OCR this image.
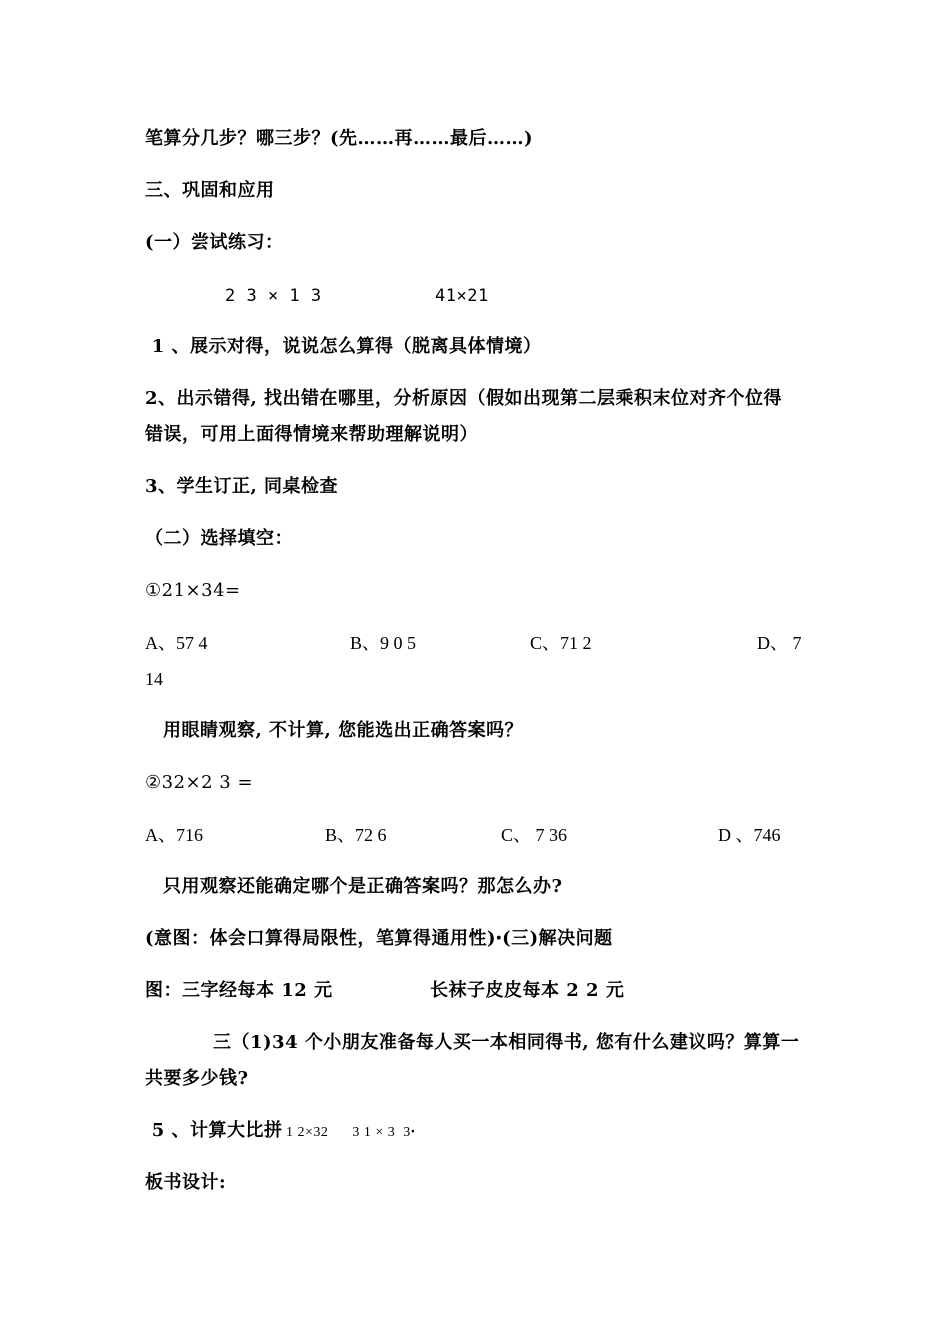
笔算分几步？哪三步？(先……再……最后……)
三、巩固和应用
(一）尝试练习：
2 3 × 1 3	41×21
1 、展示对得，说说怎么算得（脱离具体情境）
2、出示错得, 找出错在哪里，分析原因（假如出现第二层乘积末位对齐个位得
错误，可用上面得情境来帮助理解说明）
3、学生订正, 同桌检查
（二）选择填空：
①21×34=
A、57 4	B、9 0 5	C、71 2	D、 7
14
用眼睛观察, 不计算, 您能选出正确答案吗？
②32×2 3 =
A、716	B、72 6	C、 7 36	D 、746
只用观察还能确定哪个是正确答案吗？那怎么办?
(意图：体会口算得局限性，笔算得通用性)ꞏ(三)解决问题
图：三字经每本 12 元	长袜子皮皮每本 2 2 元
三（1)34 个小朋友准备每人买一本相同得书, 您有什么建议吗？算算一
共要多少钱?
5 、计算大比拼 1 2×32      3 1 × 3  3ꞏ
板书设计:
